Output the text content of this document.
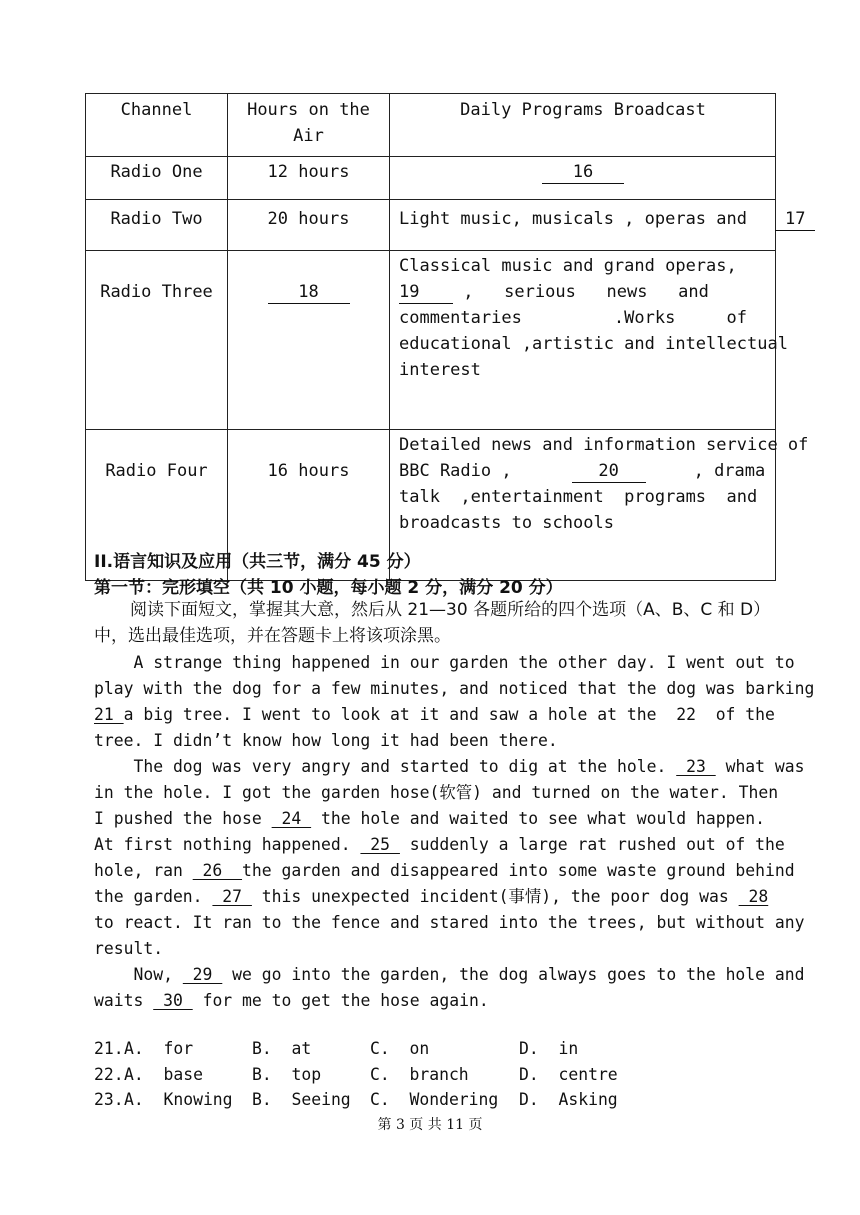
Channel	Hours on the Air	Daily Programs Broadcast
Radio One	12 hours	16
Radio Two	20 hours	Light music, musicals , operas and 17
Radio Three	18	Classical music and grand operas,
19 ,   serious   news   and
commentaries         .Works     of
educational ,artistic and intellectual
interest

Radio Four	16 hours	Detailed news and information service of
BBC Radio , 20 , drama
talk  ,entertainment  programs  and
broadcasts to schools
II.语言知识及应用（共三节，满分 45 分）
第一节：完形填空（共 10 小题，每小题 2 分，满分 20 分）
阅读下面短文，掌握其大意，然后从 21—30 各题所给的四个选项（A、B、C 和 D）中，选出最佳选项，并在答题卡上将该项涂黑。
A strange thing happened in our garden the other day. I went out to
play with the dog for a few minutes, and noticed that the dog was barking
21 a big tree. I went to look at it and saw a hole at the  22  of the
tree. I didn’t know how long it had been there.
The dog was very angry and started to dig at the hole.  23  what was
in the hole. I got the garden hose(软管) and turned on the water. Then
I pushed the hose  24  the hole and waited to see what would happen.
At first nothing happened.  25  suddenly a large rat rushed out of the
hole, ran  26  the garden and disappeared into some waste ground behind
the garden.  27  this unexpected incident(事情), the poor dog was  28
to react. It ran to the fence and stared into the trees, but without any
result.
Now,  29  we go into the garden, the dog always goes to the hole and
waits  30  for me to get the hose again.
21. A.  for	B.  at	C.  on	D.  in
22. A.  base	B.  top	C.  branch	D.  centre
23. A.  Knowing B.  Seeing C.  Wondering D.  Asking
第 3 页 共 11 页
